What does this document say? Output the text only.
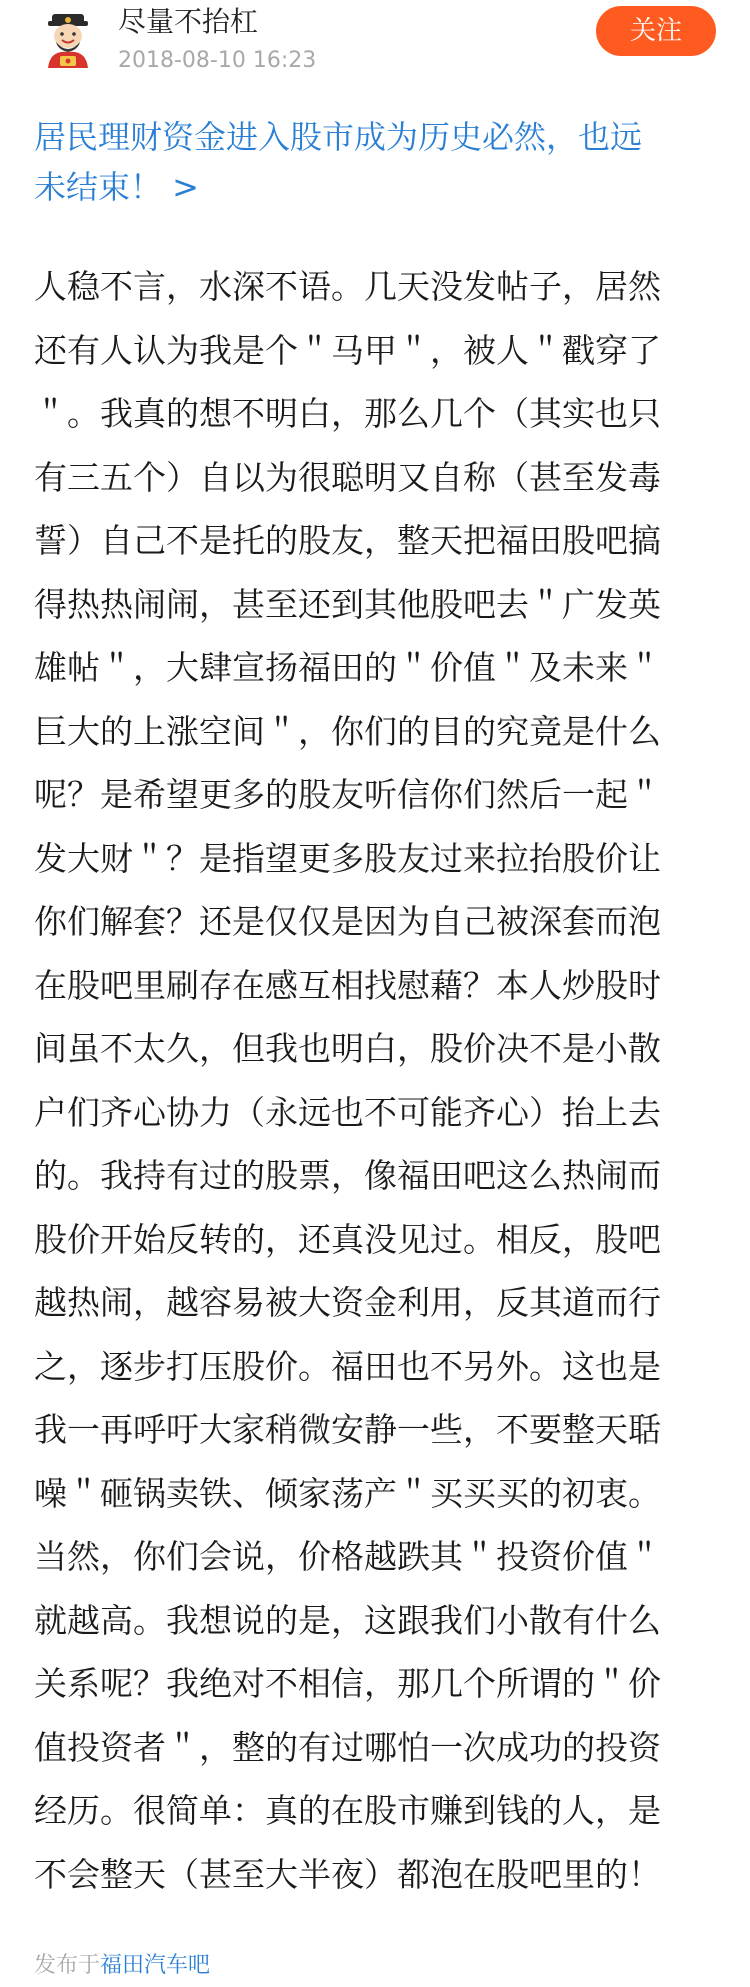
尽量不抬杠
2018-08-10 16:23
关注
居民理财资金进入股市成为历史必然，也远
未结束！ >
人稳不言，水深不语。几天没发帖子，居然
还有人认为我是个＂马甲＂，被人＂戳穿了
＂。我真的想不明白，那么几个（其实也只
有三五个）自以为很聪明又自称（甚至发毒
誓）自己不是托的股友，整天把福田股吧搞
得热热闹闹，甚至还到其他股吧去＂广发英
雄帖＂，大肆宣扬福田的＂价值＂及未来＂
巨大的上涨空间＂，你们的目的究竟是什么
呢？是希望更多的股友听信你们然后一起＂
发大财＂？是指望更多股友过来拉抬股价让
你们解套？还是仅仅是因为自己被深套而泡
在股吧里刷存在感互相找慰藉？本人炒股时
间虽不太久，但我也明白，股价决不是小散
户们齐心协力（永远也不可能齐心）抬上去
的。我持有过的股票，像福田吧这么热闹而
股价开始反转的，还真没见过。相反，股吧
越热闹，越容易被大资金利用，反其道而行
之，逐步打压股价。福田也不另外。这也是
我一再呼吁大家稍微安静一些，不要整天聒
噪＂砸锅卖铁、倾家荡产＂买买买的初衷。
当然，你们会说，价格越跌其＂投资价值＂
就越高。我想说的是，这跟我们小散有什么
关系呢？我绝对不相信，那几个所谓的＂价
值投资者＂，整的有过哪怕一次成功的投资
经历。很简单：真的在股市赚到钱的人，是
不会整天（甚至大半夜）都泡在股吧里的！
发布于福田汽车吧
